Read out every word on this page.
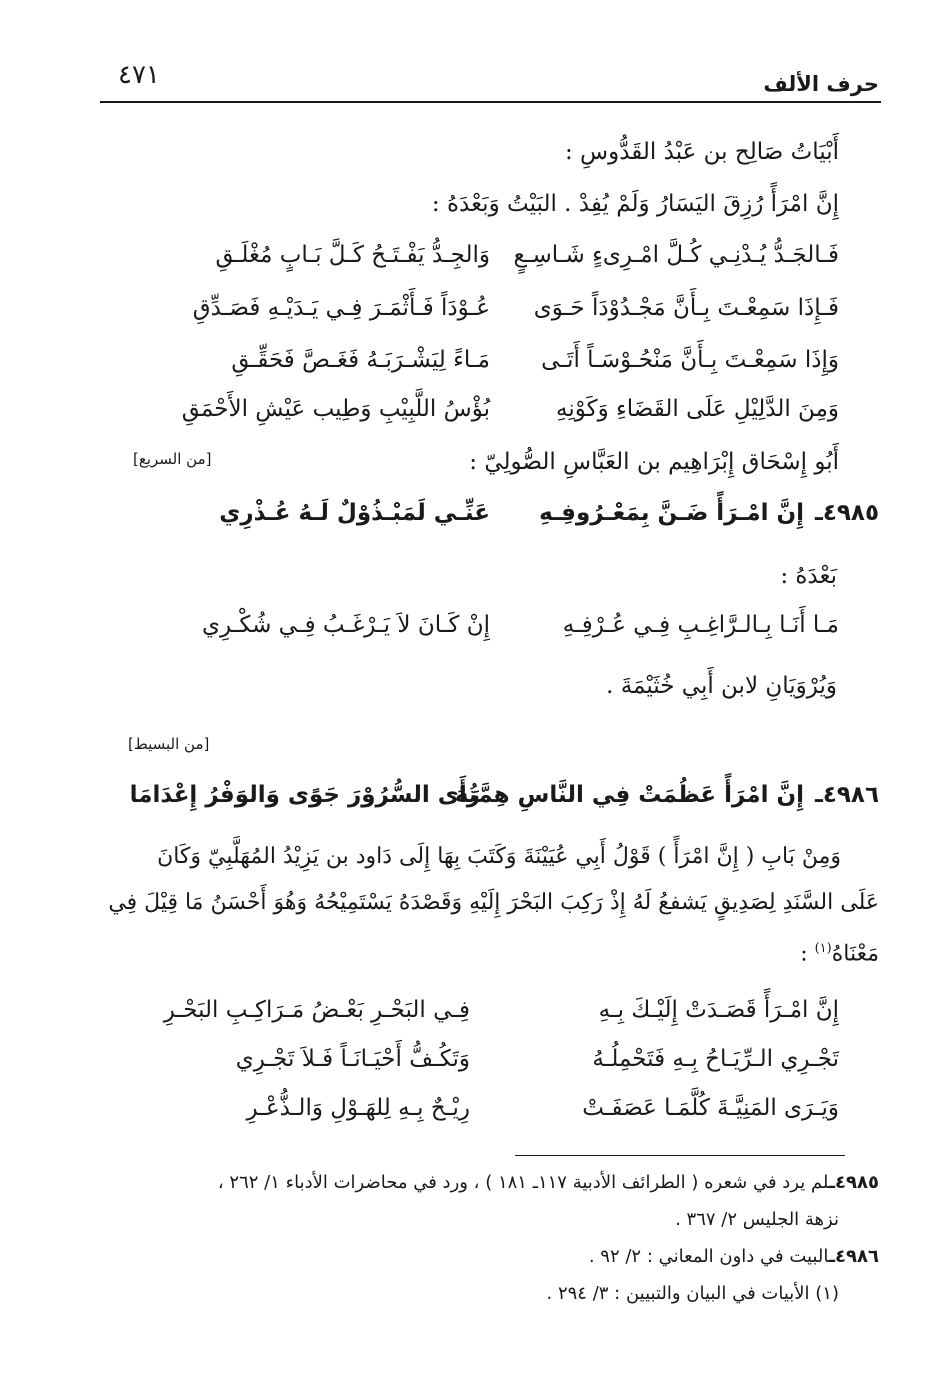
حرف الألف
٤٧١
أَبْيَاتُ صَالِح بن عَبْدُ القَدُّوسِ :
إِنَّ امْرَأً رُزِقَ اليَسَارُ وَلَمْ يُفِدْ . البَيْتُ وَبَعْدَهُ :
فَـالجَـدُّ يُـدْنِـي كُـلَّ امْـرِىءٍ شَـاسِـعٍ
وَالجِـدُّ يَفْـتَـحُ كَـلَّ بَـابٍ مُغْلَـقِ
فَـإِذَا سَمِعْـتَ بِـأَنَّ مَجْـدُوْدَاً حَـوَى
عُـوْدَاً فَـأَثْمَـرَ فِـي يَـدَيْـهِ فَصَـدِّقِ
وَإِذَا سَمِعْـتَ بِـأَنَّ مَنْحُـوْسَـاً أَتَـى
مَـاءً لِيَشْـرَبَـهُ فَغَـصَّ فَحَقِّـقِ
وَمِنَ الدَّلِيْلِ عَلَى القَضَاءِ وَكَوْنِهِ
بُؤْسُ اللَّبِيْبِ وَطِيب عَيْشِ الأَحْمَقِ
أَبُو إِسْحَاق إِبْرَاهِيم بن العَبَّاسِ الصُّولِيّ :
[من السريع]
٤٩٨٥ـ
إِنَّ امْـرَأً ضَـنَّ بِمَعْـرُوفِـهِ
عَنِّـي لَمَبْـذُوْلٌ لَـهُ عُـذْرِي
بَعْدَهُ :
مَـا أَنَـا بِـالـرَّاغِـبِ فِـي عُـرْفِـهِ
إِنْ كَـانَ لاَ يَـرْغَـبُ فِـي شُكْـرِي
وَيُرْوَيَانِ لابن أَبِي خُثَيْمَةَ .
[من البسيط]
٤٩٨٦ـ
إِنَّ امْرَأً عَظُمَتْ فِي النَّاسِ هِمَّتُهُ
رَأَى السُّرُوْرَ جَوًى وَالوَفْرُ إِعْدَامَا
وَمِنْ بَابِ ( إِنَّ امْرَأً ) قَوْلُ أَبِي عُيَيْنَةَ وَكَتَبَ بِهَا إِلَى دَاود بن يَزِيْدُ المُهَلَّبِيّ وَكَانَ
عَلَى السَّنَدِ لِصَدِيقٍ يَشفعُ لَهُ إِذْ رَكِبَ البَحْرَ إِلَيْهِ وَقَصْدَهُ يَسْتَمِيْحُهُ وَهُوَ أَحْسَنُ مَا قِيْلَ فِي
مَعْنَاهُ$^{(١)}$ :
إِنَّ امْـرَأً قَصَـدَتْ إِلَيْـكَ بِـهِ
فِـي البَحْـرِ بَعْـضُ مَـرَاكِـبِ البَحْـرِ
تَجْـرِي الـرِّيَـاحُ بِـهِ فَتَحْمِلُـهُ
وَتَكُـفُّ أَحْيَـانَـاً فَـلاَ تَجْـرِي
وَيَـرَى المَنِيَّـةَ كُلَّمَـا عَصَفَـتْ
رِيْـحٌ بِـهِ لِلهَـوْلِ وَالـذُّعْـرِ
٤٩٨٥ـلم يرد في شعره ( الطرائف الأدبية ١١٧ـ ١٨١ ) ، ورد في محاضرات الأدباء ١/ ٢٦٢ ،
نزهة الجليس ٢/ ٣٦٧ .
٤٩٨٦ـالبيت في داون المعاني : ٢/ ٩٢ .
(١) الأبيات في البيان والتبيين : ٣/ ٢٩٤ .
